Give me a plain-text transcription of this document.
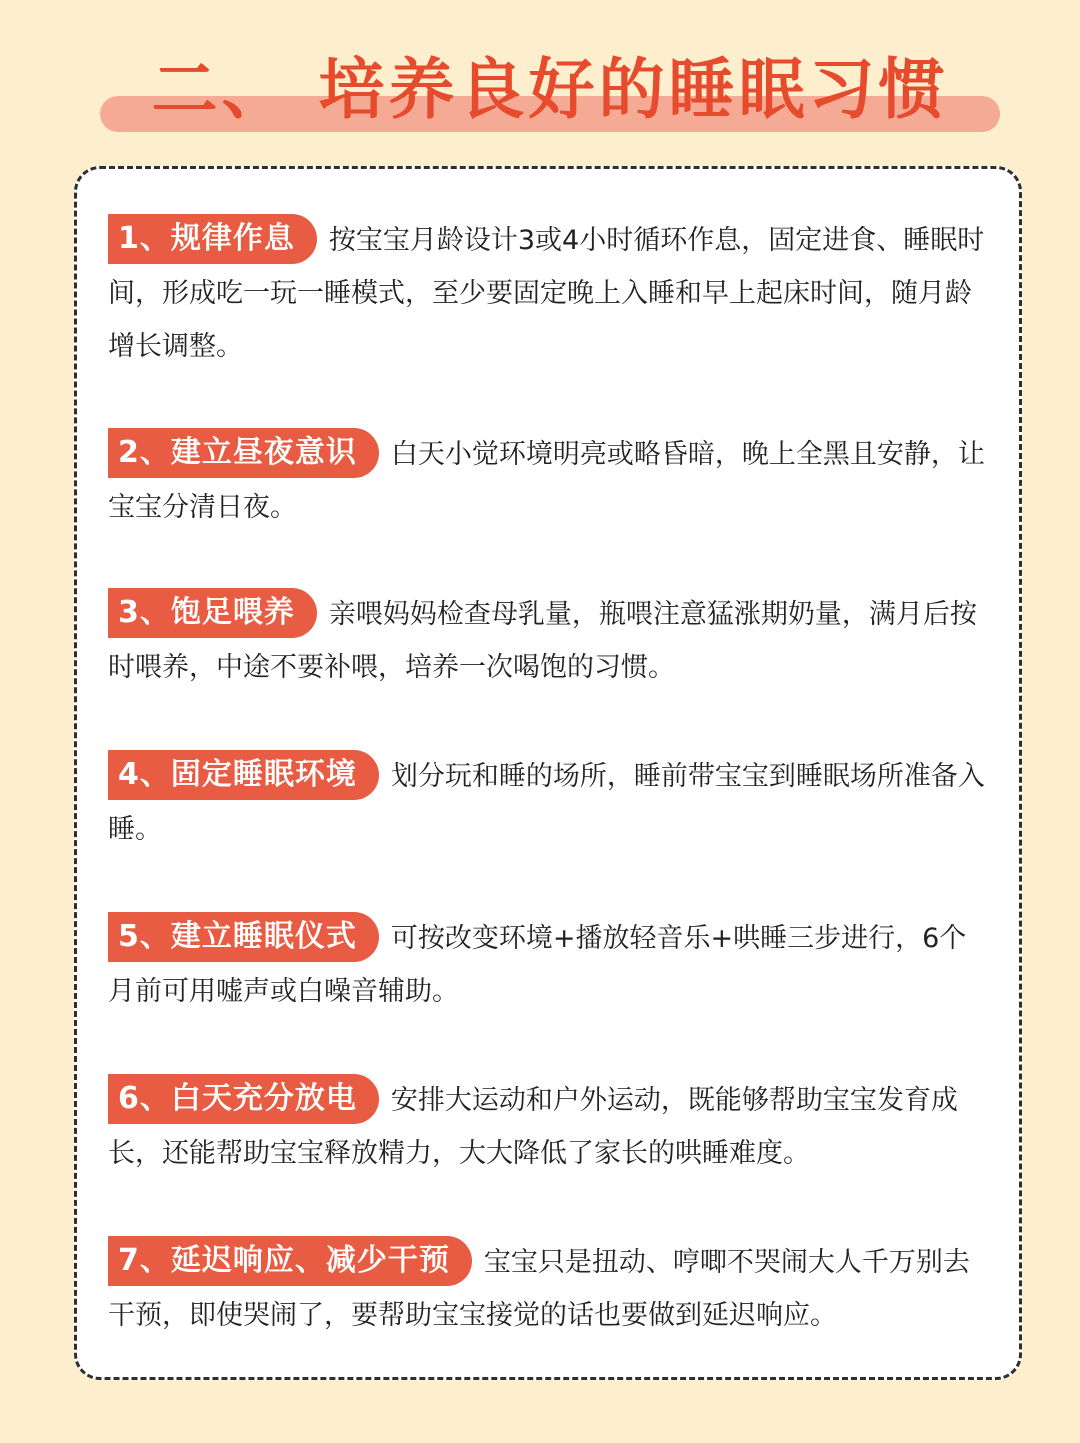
二、 培养良好的睡眠习惯
1、规律作息 按宝宝月龄设计3或4小时循环作息，固定进食、睡眠时间，形成吃一玩一睡模式，至少要固定晚上入睡和早上起床时间，随月龄增长调整。
2、建立昼夜意识 白天小觉环境明亮或略昏暗，晚上全黑且安静，让宝宝分清日夜。
3、饱足喂养 亲喂妈妈检查母乳量，瓶喂注意猛涨期奶量，满月后按时喂养，中途不要补喂，培养一次喝饱的习惯。
4、固定睡眠环境 划分玩和睡的场所，睡前带宝宝到睡眠场所准备入睡。
5、建立睡眠仪式 可按改变环境+播放轻音乐+哄睡三步进行，6个月前可用嘘声或白噪音辅助。
6、白天充分放电 安排大运动和户外运动，既能够帮助宝宝发育成长，还能帮助宝宝释放精力，大大降低了家长的哄睡难度。
7、延迟响应、减少干预 宝宝只是扭动、哼唧不哭闹大人千万别去干预，即使哭闹了，要帮助宝宝接觉的话也要做到延迟响应。
